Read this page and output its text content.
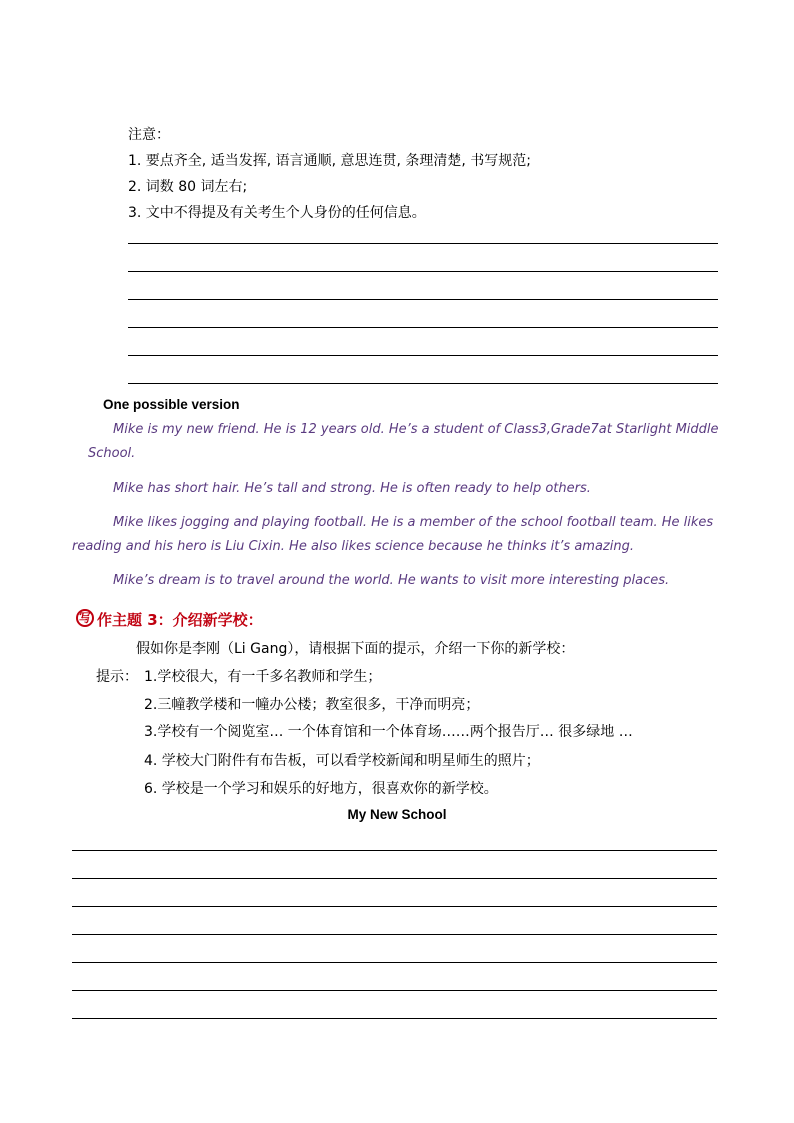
注意：
1. 要点齐全, 适当发挥, 语言通顺, 意思连贯, 条理清楚, 书写规范;
2. 词数 80 词左右;
3. 文中不得提及有关考生个人身份的任何信息。
One possible version
Mike is my new friend. He is 12 years old. He’s a student of Class3,Grade7at Starlight Middle
School.
Mike has short hair. He’s tall and strong. He is often ready to help others.
Mike likes jogging and playing football. He is a member of the school football team. He likes
reading and his hero is Liu Cixin. He also likes science because he thinks it’s amazing.
Mike’s dream is to travel around the world. He wants to visit more interesting places.
写 作主题 3：介绍新学校：
假如你是李刚（Li Gang），请根据下面的提示，介绍一下你的新学校：
提示： 1.学校很大，有一千多名教师和学生；
2.三幢教学楼和一幢办公楼；教室很多，干净而明亮；
3.学校有一个阅览室… 一个体育馆和一个体育场……两个报告厅… 很多绿地 …
4. 学校大门附件有布告板，可以看学校新闻和明星师生的照片；
6. 学校是一个学习和娱乐的好地方，很喜欢你的新学校。
My New School
